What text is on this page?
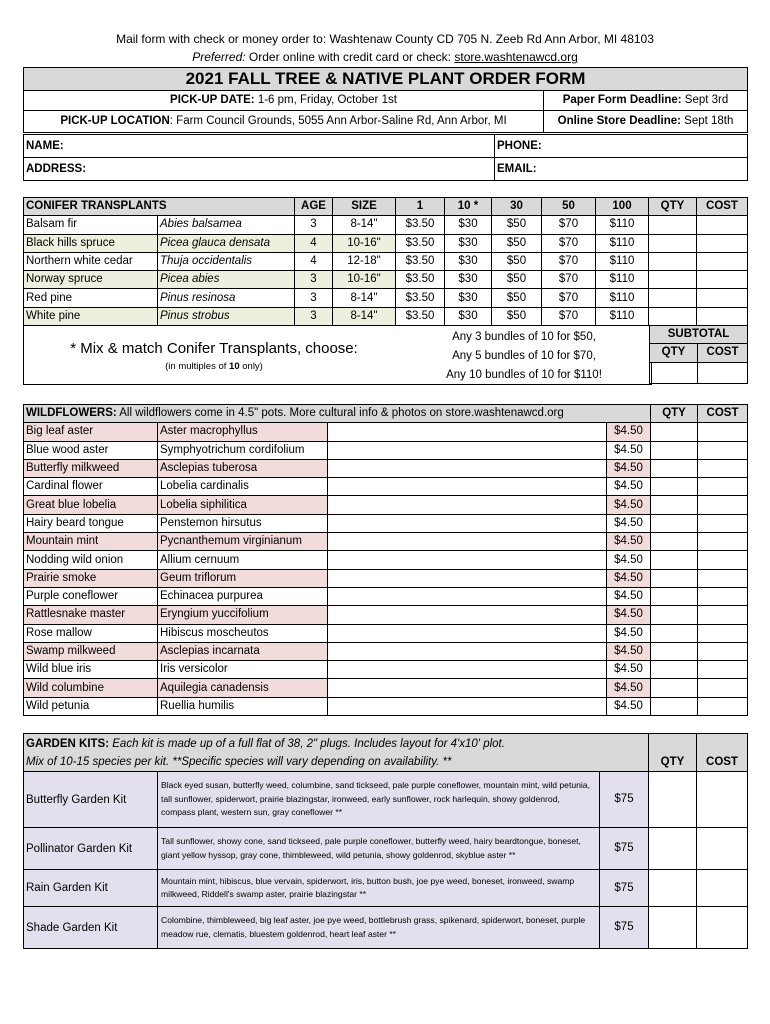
Mail form with check or money order to: Washtenaw County CD 705 N. Zeeb Rd Ann Arbor, MI 48103
Preferred: Order online with credit card or check: store.washtenawcd.org
2021 FALL TREE & NATIVE PLANT ORDER FORM	
PICK-UP DATE: 1-6 pm, Friday, October 1st	Paper Form Deadline: Sept 3rd
PICK-UP LOCATION: Farm Council Grounds, 5055 Ann Arbor-Saline Rd, Ann Arbor, MI	Online Store Deadline: Sept 18th
NAME:	PHONE:
ADDRESS:	EMAIL:
CONIFER TRANSPLANTS		AGE	SIZE	1	10 *	30	50	100	QTY	COST
Balsam fir	Abies balsamea	3	8-14"	$3.50	$30	$50	$70	$110		
Black hills spruce	Picea glauca densata	4	10-16"	$3.50	$30	$50	$70	$110		
Northern white cedar	Thuja occidentalis	4	12-18"	$3.50	$30	$50	$70	$110		
Norway spruce	Picea abies	3	10-16"	$3.50	$30	$50	$70	$110		
Red pine	Pinus resinosa	3	8-14"	$3.50	$30	$50	$70	$110		
White pine	Pinus strobus	3	8-14"	$3.50	$30	$50	$70	$110		
* Mix & match Conifer Transplants, choose:
(in multiples of 10 only)
Any 3 bundles of 10 for $50,
Any 5 bundles of 10 for $70,
Any 10 bundles of 10 for $110!
SUBTOTAL	
QTY	COST

WILDFLOWERS: All wildflowers come in 4.5" pots. More cultural info & photos on store.washtenawcd.org				QTY	COST
Big leaf aster	Aster macrophyllus		$4.50		
Blue wood aster	Symphyotrichum cordifolium		$4.50		
Butterfly milkweed	Asclepias tuberosa		$4.50		
Cardinal flower	Lobelia cardinalis		$4.50		
Great blue lobelia	Lobelia siphilitica		$4.50		
Hairy beard tongue	Penstemon hirsutus		$4.50		
Mountain mint	Pycnanthemum virginianum		$4.50		
Nodding wild onion	Allium cernuum		$4.50		
Prairie smoke	Geum triflorum		$4.50		
Purple coneflower	Echinacea purpurea		$4.50		
Rattlesnake master	Eryngium yuccifolium		$4.50		
Rose mallow	Hibiscus moscheutos		$4.50		
Swamp milkweed	Asclepias incarnata		$4.50		
Wild blue iris	Iris versicolor		$4.50		
Wild columbine	Aquilegia canadensis		$4.50		
Wild petunia	Ruellia humilis		$4.50		
GARDEN KITS: Each kit is made up of a full flat of 38, 2" plugs. Includes layout for 4'x10' plot.
Mix of 10-15 species per kit. **Specific species will vary depending on availability. **			QTY	COST
Butterfly Garden Kit	Black eyed susan, butterfly weed, columbine, sand tickseed, pale purple coneflower, mountain mint, wild petunia, tall sunflower, spiderwort, prairie blazingstar, ironweed, early sunflower, rock harlequin, showy goldenrod, compass plant, western sun, gray coneflower **	$75		
Pollinator Garden Kit	Tall sunflower, showy cone, sand tickseed, pale purple coneflower, butterfly weed, hairy beardtongue, boneset, giant yellow hyssop, gray cone, thimbleweed, wild petunia, showy goldenrod, skyblue aster **	$75		
Rain Garden Kit	Mountain mint, hibiscus, blue vervain, spiderwort, iris, button bush, joe pye weed, boneset, ironweed, swamp milkweed, Riddell's swamp aster, prairie blazingstar **	$75		
Shade Garden Kit	Colombine, thimbleweed, big leaf aster, joe pye weed, bottlebrush grass, spikenard, spiderwort, boneset, purple meadow rue, clematis, bluestem goldenrod, heart leaf aster **	$75		
